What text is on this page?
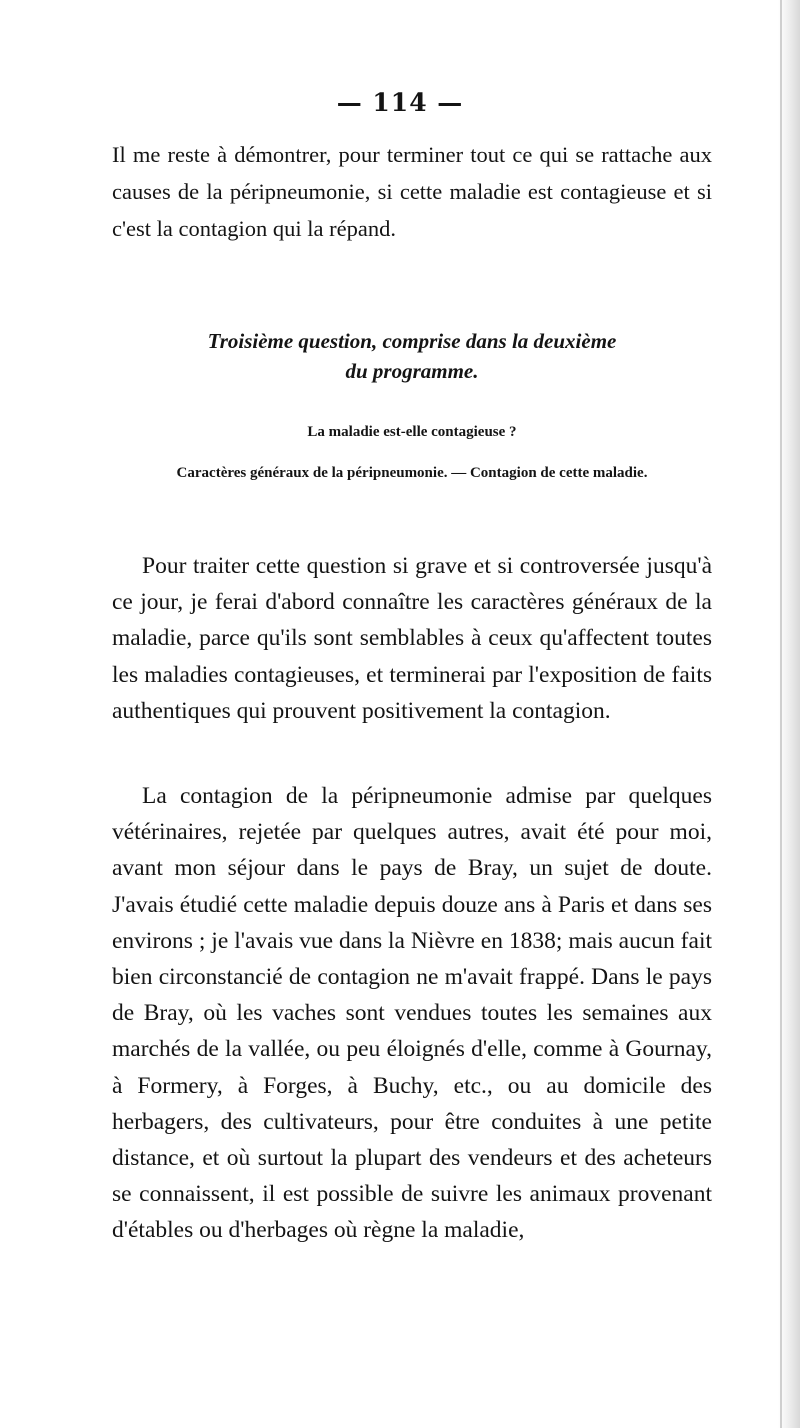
— 114 —
Il me reste à démontrer, pour terminer tout ce qui se rattache aux causes de la péripneumonie, si cette maladie est contagieuse et si c'est la contagion qui la répand.
Troisième question, comprise dans la deuxième
du programme.
La maladie est-elle contagieuse ?
Caractères généraux de la péripneumonie. — Contagion de cette maladie.
Pour traiter cette question si grave et si controversée jusqu'à ce jour, je ferai d'abord connaître les caractères généraux de la maladie, parce qu'ils sont semblables à ceux qu'affectent toutes les maladies contagieuses, et terminerai par l'exposition de faits authentiques qui prouvent positivement la contagion.
La contagion de la péripneumonie admise par quelques vétérinaires, rejetée par quelques autres, avait été pour moi, avant mon séjour dans le pays de Bray, un sujet de doute. J'avais étudié cette maladie depuis douze ans à Paris et dans ses environs ; je l'avais vue dans la Nièvre en 1838; mais aucun fait bien circonstancié de contagion ne m'avait frappé. Dans le pays de Bray, où les vaches sont vendues toutes les semaines aux marchés de la vallée, ou peu éloignés d'elle, comme à Gournay, à Formery, à Forges, à Buchy, etc., ou au domicile des herbagers, des cultivateurs, pour être conduites à une petite distance, et où surtout la plupart des vendeurs et des acheteurs se connaissent, il est possible de suivre les animaux provenant d'étables ou d'herbages où règne la maladie,
